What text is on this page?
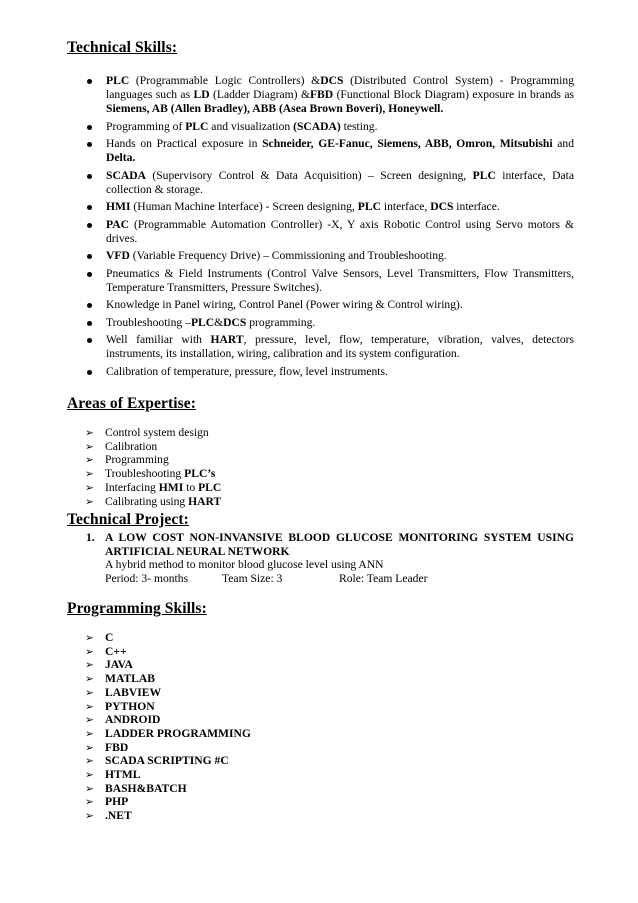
Technical Skills:
PLC (Programmable Logic Controllers) &DCS (Distributed Control System) - Programming languages such as LD (Ladder Diagram) &FBD (Functional Block Diagram) exposure in brands as Siemens, AB (Allen Bradley), ABB (Asea Brown Boveri), Honeywell.
Programming of PLC and visualization (SCADA) testing.
Hands on Practical exposure in Schneider, GE-Fanuc, Siemens, ABB, Omron, Mitsubishi and Delta.
SCADA (Supervisory Control & Data Acquisition) – Screen designing, PLC interface, Data collection & storage.
HMI (Human Machine Interface) - Screen designing, PLC interface, DCS interface.
PAC (Programmable Automation Controller) -X, Y axis Robotic Control using Servo motors & drives.
VFD (Variable Frequency Drive) – Commissioning and Troubleshooting.
Pneumatics & Field Instruments (Control Valve Sensors, Level Transmitters, Flow Transmitters, Temperature Transmitters, Pressure Switches).
Knowledge in Panel wiring, Control Panel (Power wiring & Control wiring).
Troubleshooting –PLC&DCS programming.
Well familiar with HART, pressure, level, flow, temperature, vibration, valves, detectors instruments, its installation, wiring, calibration and its system configuration.
Calibration of temperature, pressure, flow, level instruments.
Areas of Expertise:
➢ Control system design
➢ Calibration
➢ Programming
➢ Troubleshooting PLC’s
➢ Interfacing HMI to PLC
➢ Calibrating using HART
Technical Project:
1. A LOW COST NON-INVANSIVE BLOOD GLUCOSE MONITORING SYSTEM USING ARTIFICIAL NEURAL NETWORK
A hybrid method to monitor blood glucose level using ANN
Period: 3- months	Team Size: 3	Role: Team Leader
Programming Skills:
➢ C
➢ C++
➢ JAVA
➢ MATLAB
➢ LABVIEW
➢ PYTHON
➢ ANDROID
➢ LADDER PROGRAMMING
➢ FBD
➢ SCADA SCRIPTING #C
➢ HTML
➢ BASH&BATCH
➢ PHP
➢ .NET
